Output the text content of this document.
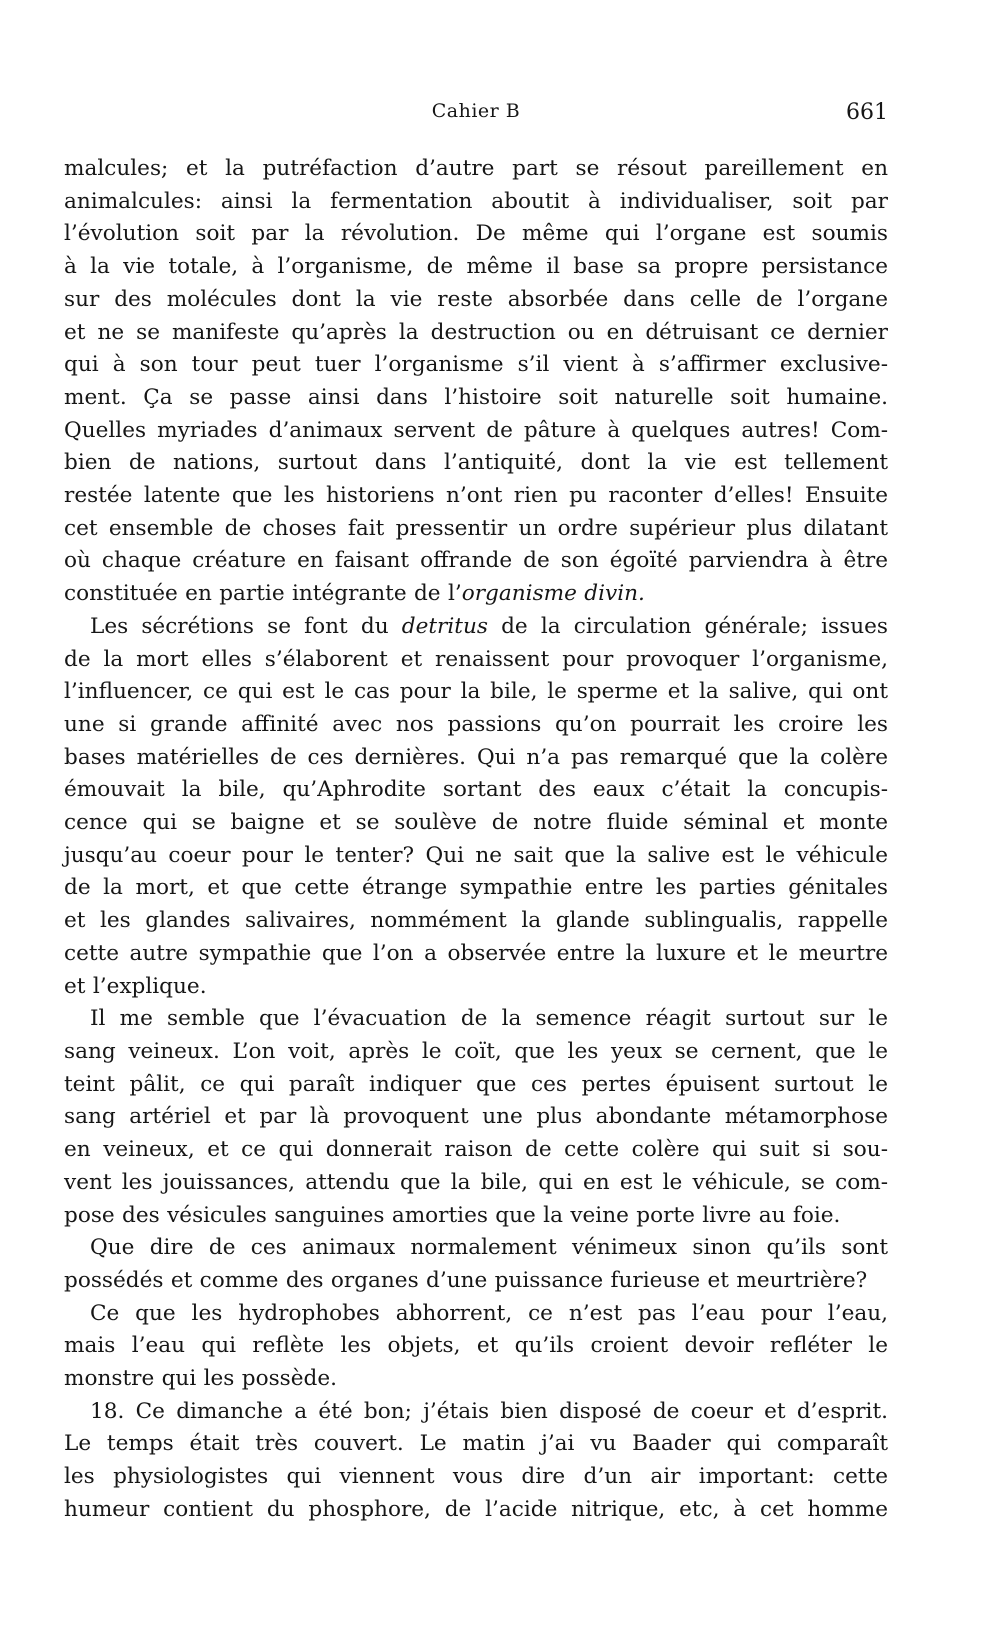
Cahier B	661
malcules; et la putréfaction d’autre part se résout pareillement en
animalcules: ainsi la fermentation aboutit à individualiser, soit par
l’évolution soit par la révolution. De même qui l’organe est soumis
à la vie totale, à l’organisme, de même il base sa propre persistance
sur des molécules dont la vie reste absorbée dans celle de l’organe
et ne se manifeste qu’après la destruction ou en détruisant ce dernier
qui à son tour peut tuer l’organisme s’il vient à s’affirmer exclusive-
ment. Ça se passe ainsi dans l’histoire soit naturelle soit humaine.
Quelles myriades d’animaux servent de pâture à quelques autres! Com-
bien de nations, surtout dans l’antiquité, dont la vie est tellement
restée latente que les historiens n’ont rien pu raconter d’elles! Ensuite
cet ensemble de choses fait pressentir un ordre supérieur plus dilatant
où chaque créature en faisant offrande de son égoïté parviendra à être
constituée en partie intégrante de l’organisme divin.
Les sécrétions se font du detritus de la circulation générale; issues
de la mort elles s’élaborent et renaissent pour provoquer l’organisme,
l’influencer, ce qui est le cas pour la bile, le sperme et la salive, qui ont
une si grande affinité avec nos passions qu’on pourrait les croire les
bases matérielles de ces dernières. Qui n’a pas remarqué que la colère
émouvait la bile, qu’Aphrodite sortant des eaux c’était la concupis-
cence qui se baigne et se soulève de notre fluide séminal et monte
jusqu’au coeur pour le tenter? Qui ne sait que la salive est le véhicule
de la mort, et que cette étrange sympathie entre les parties génitales
et les glandes salivaires, nommément la glande sublingualis, rappelle
cette autre sympathie que l’on a observée entre la luxure et le meurtre
et l’explique.
Il me semble que l’évacuation de la semence réagit surtout sur le
sang veineux. L’on voit, après le coït, que les yeux se cernent, que le
teint pâlit, ce qui paraît indiquer que ces pertes épuisent surtout le
sang artériel et par là provoquent une plus abondante métamorphose
en veineux, et ce qui donnerait raison de cette colère qui suit si sou-
vent les jouissances, attendu que la bile, qui en est le véhicule, se com-
pose des vésicules sanguines amorties que la veine porte livre au foie.
Que dire de ces animaux normalement vénimeux sinon qu’ils sont
possédés et comme des organes d’une puissance furieuse et meurtrière?
Ce que les hydrophobes abhorrent, ce n’est pas l’eau pour l’eau,
mais l’eau qui reflète les objets, et qu’ils croient devoir refléter le
monstre qui les possède.
18. Ce dimanche a été bon; j’étais bien disposé de coeur et d’esprit.
Le temps était très couvert. Le matin j’ai vu Baader qui comparaît
les physiologistes qui viennent vous dire d’un air important: cette
humeur contient du phosphore, de l’acide nitrique, etc, à cet homme
